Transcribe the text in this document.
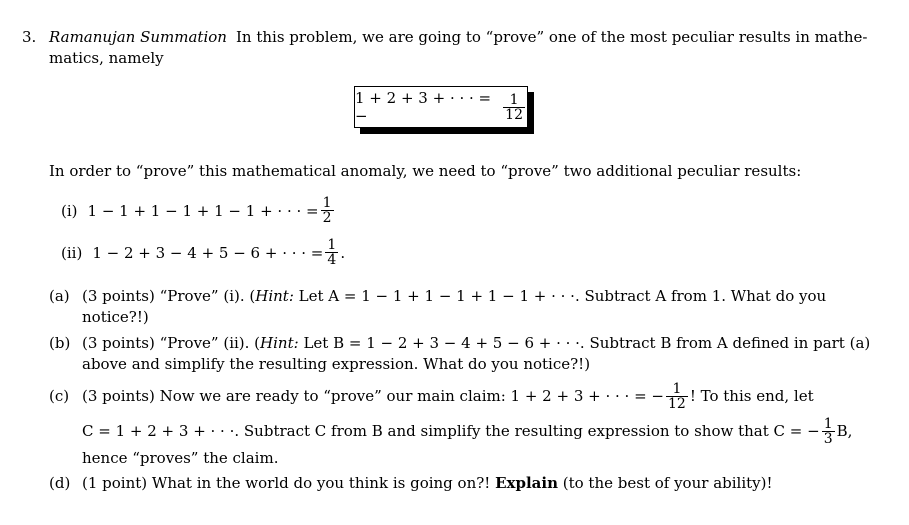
3. Ramanujan Summation In this problem, we are going to “prove” one of the most peculiar results in mathe-
matics, namely
1 + 2 + 3 + · · · = −	$\frac{1}{12}$
In order to “prove” this mathematical anomaly, we need to “prove” two additional peculiar results:
(i) 1 − 1 + 1 − 1 + 1 − 1 + · · · = $\frac{1}{2}$
(ii) 1 − 2 + 3 − 4 + 5 − 6 + · · · = $\frac{1}{4}$ .
(a) (3 points) “Prove” (i). (Hint: Let A = 1 − 1 + 1 − 1 + 1 − 1 + · · ·. Subtract A from 1. What do you
notice?!)
(b) (3 points) “Prove” (ii). (Hint: Let B = 1 − 2 + 3 − 4 + 5 − 6 + · · ·. Subtract B from A defined in part (a)
above and simplify the resulting expression. What do you notice?!)
(c) (3 points) Now we are ready to “prove” our main claim: 1 + 2 + 3 + · · · = − $\frac{1}{12}$ ! To this end, let
C = 1 + 2 + 3 + · · ·. Subtract C from B and simplify the resulting expression to show that C = − $\frac{1}{3} B$,
hence “proves” the claim.
(d) (1 point) What in the world do you think is going on?! Explain (to the best of your ability)!
